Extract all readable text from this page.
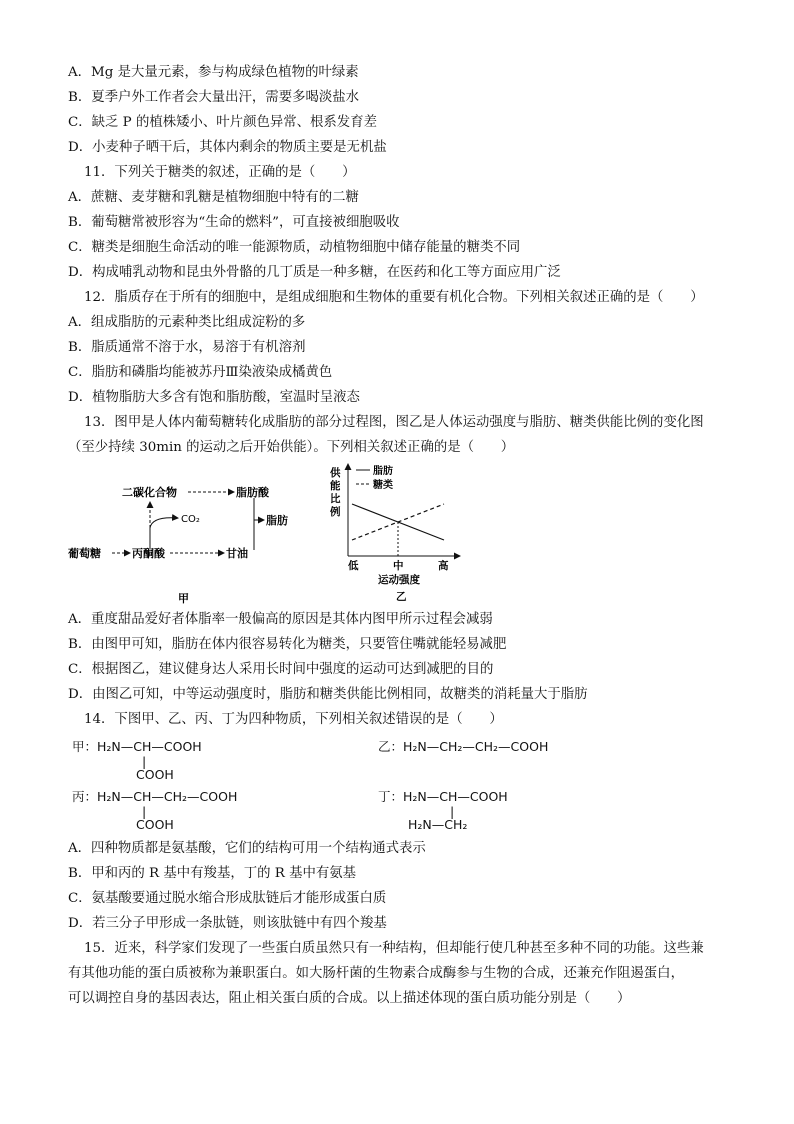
A．Mg 是大量元素，参与构成绿色植物的叶绿素
B．夏季户外工作者会大量出汗，需要多喝淡盐水
C．缺乏 P 的植株矮小、叶片颜色异常、根系发育差
D．小麦种子晒干后，其体内剩余的物质主要是无机盐
11．下列关于糖类的叙述，正确的是（　　）
A．蔗糖、麦芽糖和乳糖是植物细胞中特有的二糖
B．葡萄糖常被形容为“生命的燃料”，可直接被细胞吸收
C．糖类是细胞生命活动的唯一能源物质，动植物细胞中储存能量的糖类不同
D．构成哺乳动物和昆虫外骨骼的几丁质是一种多糖，在医药和化工等方面应用广泛
12．脂质存在于所有的细胞中，是组成细胞和生物体的重要有机化合物。下列相关叙述正确的是（　　）
A．组成脂肪的元素种类比组成淀粉的多
B．脂质通常不溶于水，易溶于有机溶剂
C．脂肪和磷脂均能被苏丹Ⅲ染液染成橘黄色
D．植物脂肪大多含有饱和脂肪酸，室温时呈液态
13．图甲是人体内葡萄糖转化成脂肪的部分过程图，图乙是人体运动强度与脂肪、糖类供能比例的变化图
（至少持续 30min 的运动之后开始供能）。下列相关叙述正确的是（　　）
二碳化合物	脂肪酸
CO₂	脂肪
葡萄糖	丙酮酸	甘油
甲
供
能
比
例
脂肪
糖类
低	中	高
运动强度
乙
A．重度甜品爱好者体脂率一般偏高的原因是其体内图甲所示过程会减弱
B．由图甲可知，脂肪在体内很容易转化为糖类，只要管住嘴就能轻易减肥
C．根据图乙，建议健身达人采用长时间中强度的运动可达到减肥的目的
D．由图乙可知，中等运动强度时，脂肪和糖类供能比例相同，故糖类的消耗量大于脂肪
14．下图甲、乙、丙、丁为四种物质，下列相关叙述错误的是（　　）
甲：H₂N—CH—COOH
|
COOH
乙：H₂N—CH₂—CH₂—COOH
丙：H₂N—CH—CH₂—COOH
|
COOH
丁：H₂N—CH—COOH
|
H₂N—CH₂
A．四种物质都是氨基酸，它们的结构可用一个结构通式表示
B．甲和丙的 R 基中有羧基，丁的 R 基中有氨基
C．氨基酸要通过脱水缩合形成肽链后才能形成蛋白质
D．若三分子甲形成一条肽链，则该肽链中有四个羧基
15．近来，科学家们发现了一些蛋白质虽然只有一种结构，但却能行使几种甚至多种不同的功能。这些兼
有其他功能的蛋白质被称为兼职蛋白。如大肠杆菌的生物素合成酶参与生物的合成，还兼充作阻遏蛋白，
可以调控自身的基因表达，阻止相关蛋白质的合成。以上描述体现的蛋白质功能分别是（　　）
